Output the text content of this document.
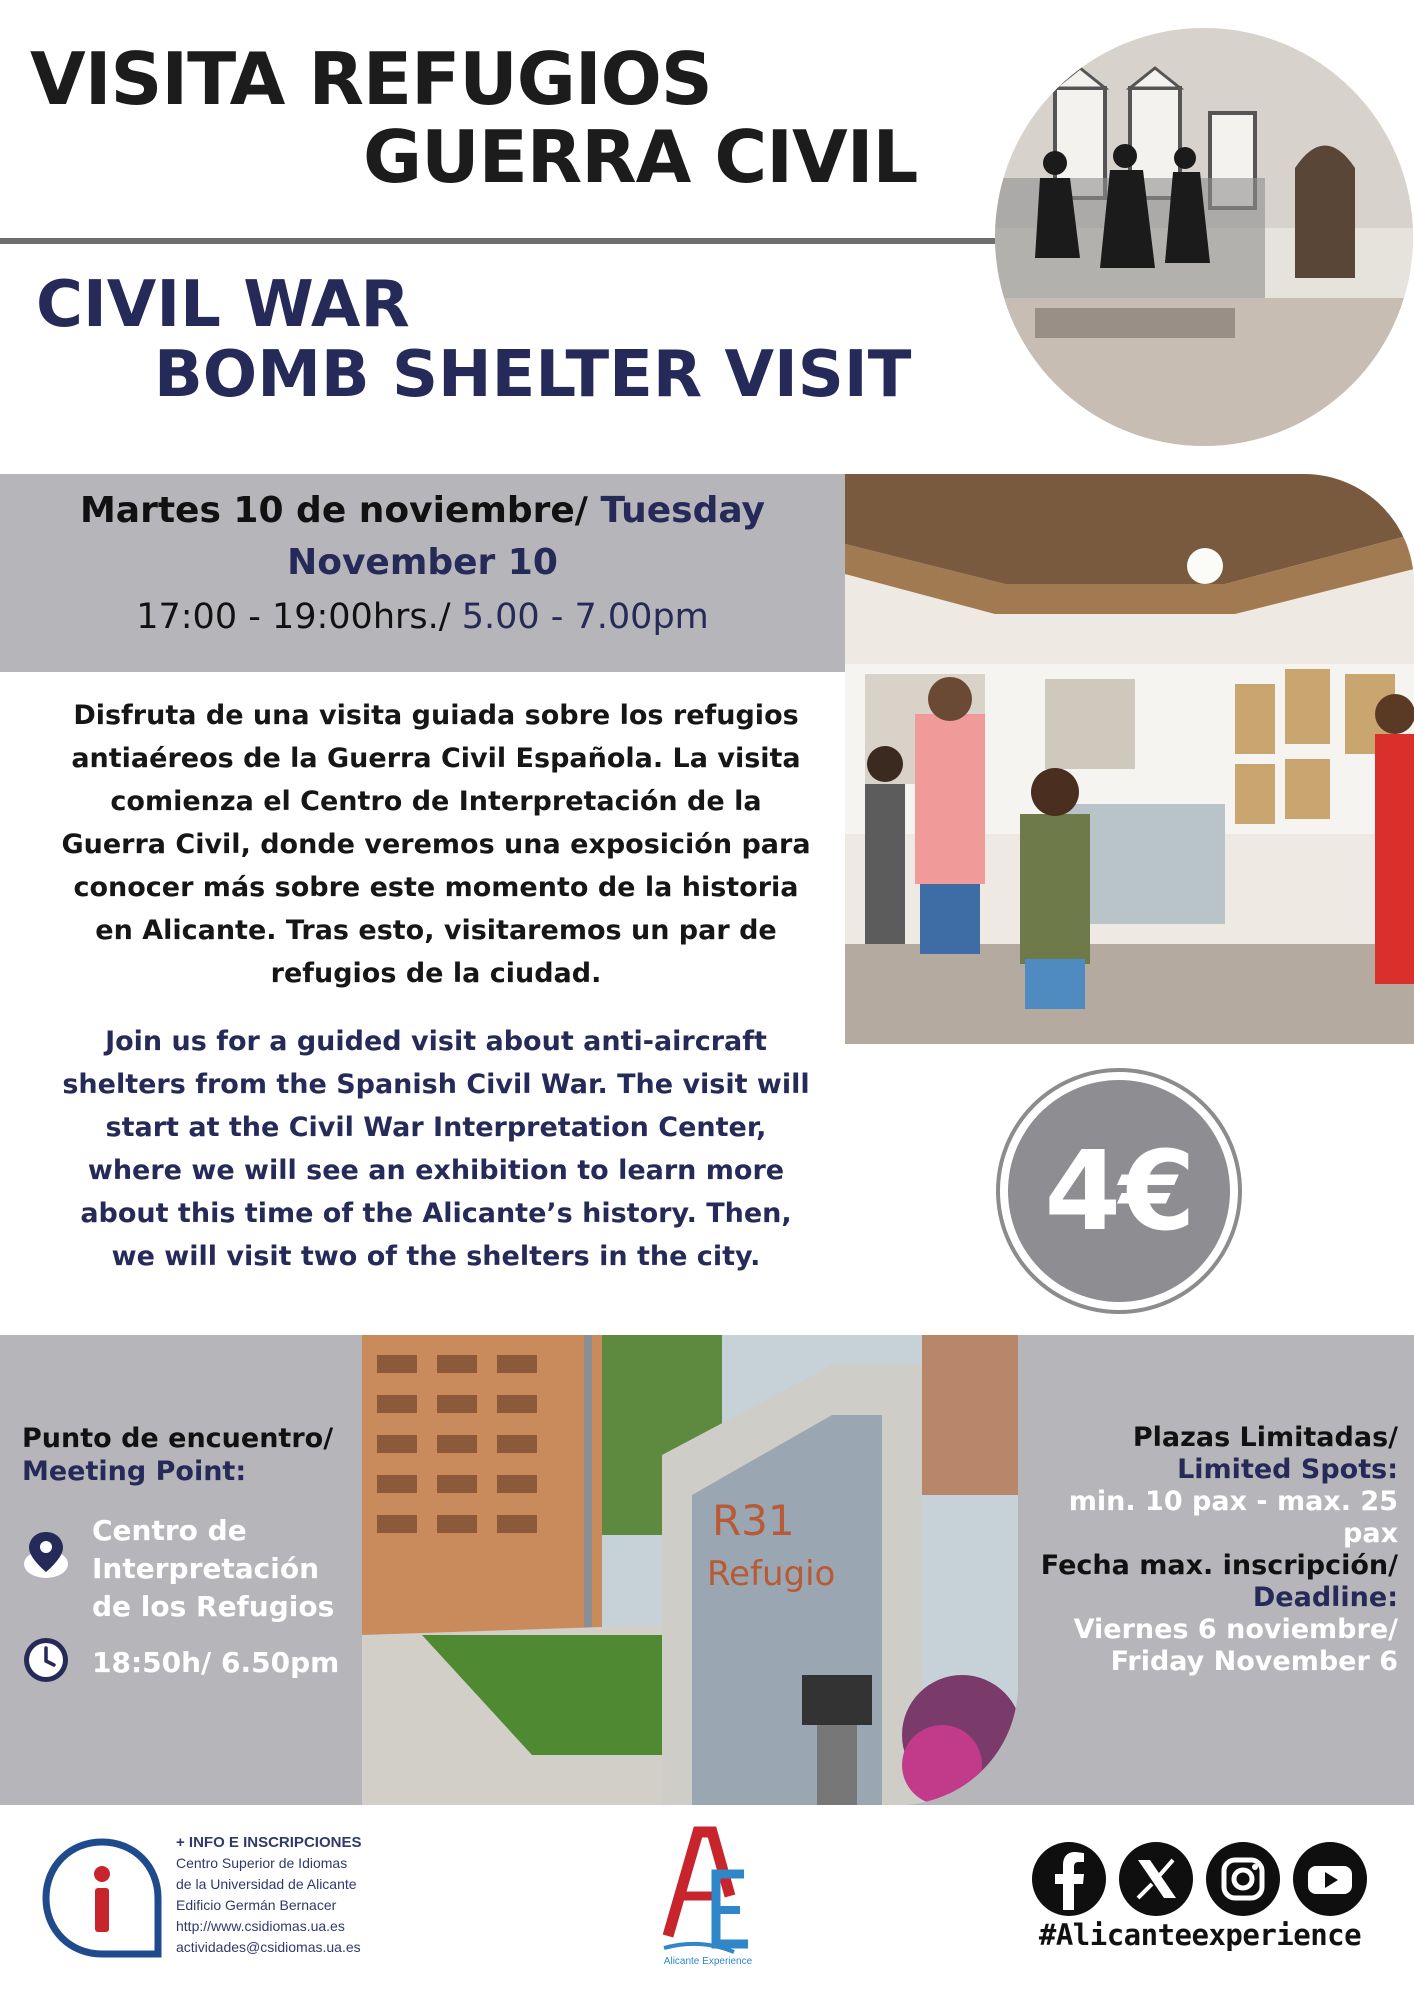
VISITA REFUGIOS
GUERRA CIVIL
CIVIL WAR
BOMB SHELTER VISIT
Martes 10 de noviembre/ Tuesday
November 10
17:00 - 19:00hrs./ 5.00 - 7.00pm

Disfruta de una visita guiada sobre los refugios antiaéreos de la Guerra Civil Española. La visita comienza el Centro de Interpretación de la Guerra Civil, donde veremos una exposición para conocer más sobre este momento de la historia en Alicante. Tras esto, visitaremos un par de refugios de la ciudad.

Join us for a guided visit about anti-aircraft shelters from the Spanish Civil War. The visit will start at the Civil War Interpretation Center, where we will see an exhibition to learn more about this time of the Alicante’s history. Then, we will visit two of the shelters in the city.

4€
R31
Refugio
Punto de encuentro/
Meeting Point:
Centro de Interpretación de los Refugios
18:50h/ 6.50pm
Plazas Limitadas/
Limited Spots:
min. 10 pax - max. 25 pax
Fecha max. inscripción/
Deadline:
Viernes 6 noviembre/
Friday November 6
+ INFO E INSCRIPCIONES
Centro Superior de Idiomas
de la Universidad de Alicante
Edificio Germán Bernacer
http://www.csidiomas.ua.es
actividades@csidiomas.ua.es
Alicante Experience
#Alicanteexperience
